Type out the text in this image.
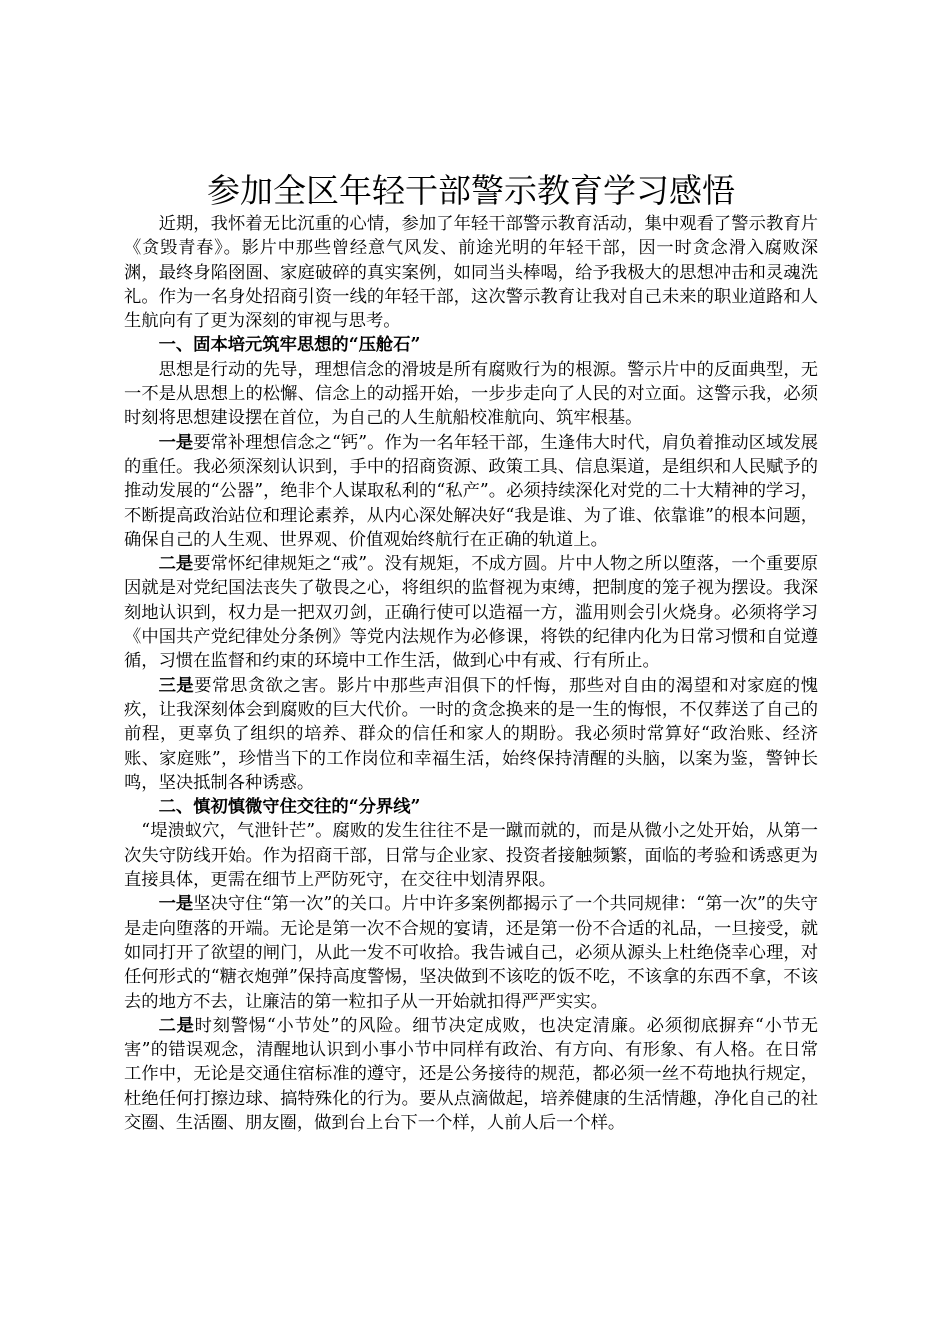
参加全区年轻干部警示教育学习感悟

近期，我怀着无比沉重的心情，参加了年轻干部警示教育活动，集中观看了警示教育片《贪毁青春》。影片中那些曾经意气风发、前途光明的年轻干部，因一时贪念滑入腐败深渊，最终身陷囹圄、家庭破碎的真实案例，如同当头棒喝，给予我极大的思想冲击和灵魂洗礼。作为一名身处招商引资一线的年轻干部，这次警示教育让我对自己未来的职业道路和人生航向有了更为深刻的审视与思考。

一、固本培元筑牢思想的“压舱石”

思想是行动的先导，理想信念的滑坡是所有腐败行为的根源。警示片中的反面典型，无一不是从思想上的松懈、信念上的动摇开始，一步步走向了人民的对立面。这警示我，必须时刻将思想建设摆在首位，为自己的人生航船校准航向、筑牢根基。

一是要常补理想信念之“钙”。作为一名年轻干部，生逢伟大时代，肩负着推动区域发展的重任。我必须深刻认识到，手中的招商资源、政策工具、信息渠道，是组织和人民赋予的推动发展的“公器”，绝非个人谋取私利的“私产”。必须持续深化对党的二十大精神的学习，不断提高政治站位和理论素养，从内心深处解决好“我是谁、为了谁、依靠谁”的根本问题，确保自己的人生观、世界观、价值观始终航行在正确的轨道上。

二是要常怀纪律规矩之“戒”。没有规矩，不成方圆。片中人物之所以堕落，一个重要原因就是对党纪国法丧失了敬畏之心，将组织的监督视为束缚，把制度的笼子视为摆设。我深刻地认识到，权力是一把双刃剑，正确行使可以造福一方，滥用则会引火烧身。必须将学习《中国共产党纪律处分条例》等党内法规作为必修课，将铁的纪律内化为日常习惯和自觉遵循，习惯在监督和约束的环境中工作生活，做到心中有戒、行有所止。

三是要常思贪欲之害。影片中那些声泪俱下的忏悔，那些对自由的渴望和对家庭的愧疚，让我深刻体会到腐败的巨大代价。一时的贪念换来的是一生的悔恨，不仅葬送了自己的前程，更辜负了组织的培养、群众的信任和家人的期盼。我必须时常算好“政治账、经济账、家庭账”，珍惜当下的工作岗位和幸福生活，始终保持清醒的头脑，以案为鉴，警钟长鸣，坚决抵制各种诱惑。

二、慎初慎微守住交往的“分界线”

“堤溃蚁穴，气泄针芒”。腐败的发生往往不是一蹴而就的，而是从微小之处开始，从第一次失守防线开始。作为招商干部，日常与企业家、投资者接触频繁，面临的考验和诱惑更为直接具体，更需在细节上严防死守，在交往中划清界限。

一是坚决守住“第一次”的关口。片中许多案例都揭示了一个共同规律：“第一次”的失守是走向堕落的开端。无论是第一次不合规的宴请，还是第一份不合适的礼品，一旦接受，就如同打开了欲望的闸门，从此一发不可收拾。我告诫自己，必须从源头上杜绝侥幸心理，对任何形式的“糖衣炮弹”保持高度警惕，坚决做到不该吃的饭不吃，不该拿的东西不拿，不该去的地方不去，让廉洁的第一粒扣子从一开始就扣得严严实实。

二是时刻警惕“小节处”的风险。细节决定成败，也决定清廉。必须彻底摒弃“小节无害”的错误观念，清醒地认识到小事小节中同样有政治、有方向、有形象、有人格。在日常工作中，无论是交通住宿标准的遵守，还是公务接待的规范，都必须一丝不苟地执行规定，杜绝任何打擦边球、搞特殊化的行为。要从点滴做起，培养健康的生活情趣，净化自己的社交圈、生活圈、朋友圈，做到台上台下一个样，人前人后一个样。
